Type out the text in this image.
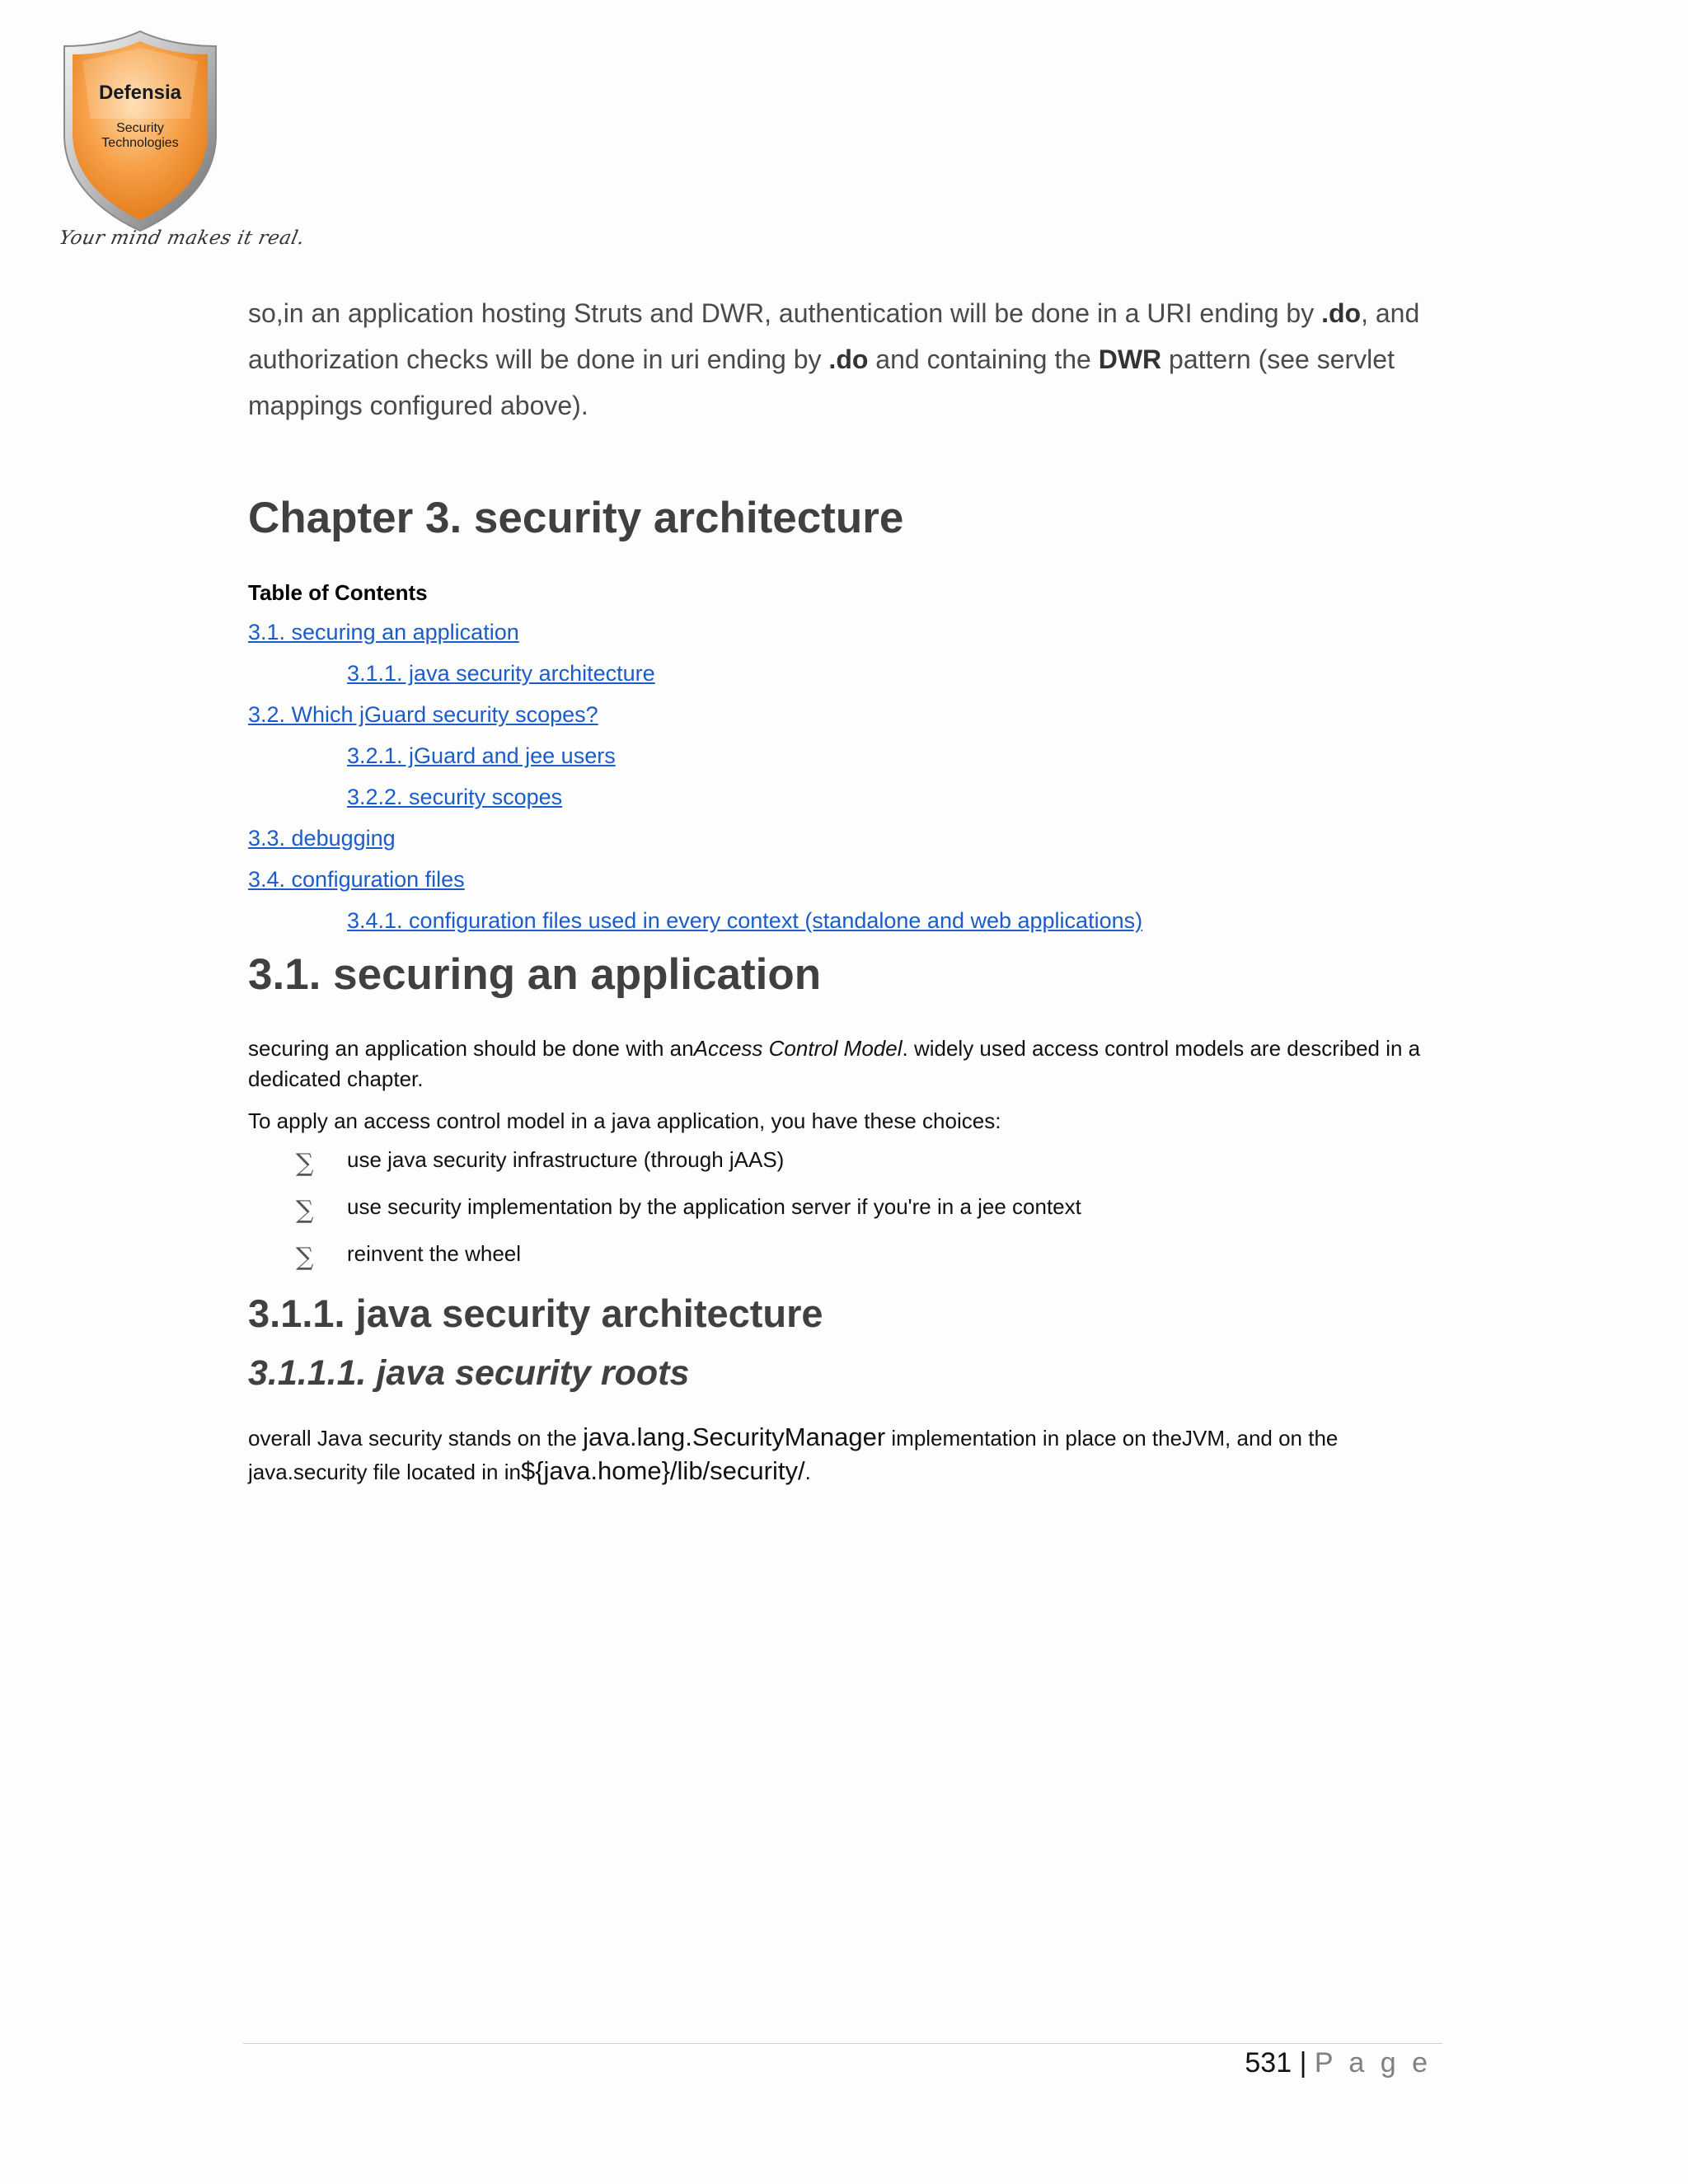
Defensia
Security
Technologies
Your mind makes it real.
so,in an application hosting Struts and DWR, authentication will be done in a URI ending by .do, and authorization checks will be done in uri ending by .do and containing the DWR pattern (see servlet mappings configured above).
Chapter 3. security architecture
Table of Contents
3.1. securing an application
3.1.1. java security architecture
3.2. Which jGuard security scopes?
3.2.1. jGuard and jee users
3.2.2. security scopes
3.3. debugging
3.4. configuration files
3.4.1. configuration files used in every context (standalone and web applications)
3.1. securing an application
securing an application should be done with anAccess Control Model. widely used access control models are described in a dedicated chapter.
To apply an access control model in a java application, you have these choices:
∑ use java security infrastructure (through jAAS)
∑ use security implementation by the application server if you're in a jee context
∑ reinvent the wheel
3.1.1. java security architecture
3.1.1.1. java security roots
overall Java security stands on the java.lang.SecurityManager implementation in place on theJVM, and on the java.security file located in in${java.home}/lib/security/.
531 | P a g e
